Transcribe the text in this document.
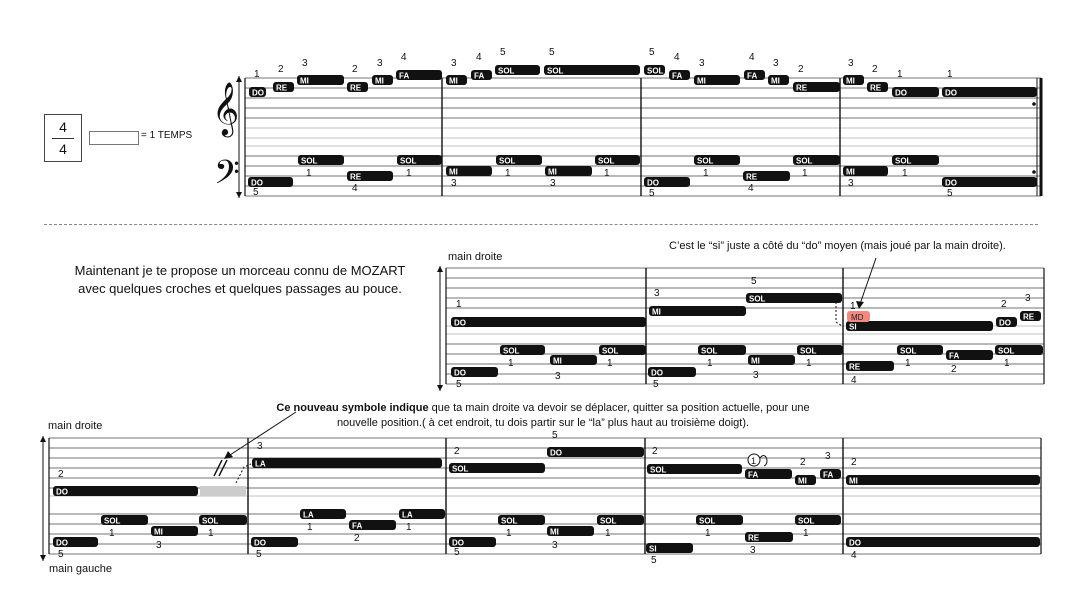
4
4
= 1 TEMPS
Maintenant je te propose un morceau connu de MOZART avec quelques croches et quelques passages au pouce.
main droite
main droite
main gauche
C’est le “si” juste a côté du “do” moyen (mais joué par la main droite).
Ce nouveau symbole indique que ta main droite va devoir se déplacer, quitter sa position actuelle, pour une nouvelle position.( à cet endroit, tu dois partir sur le “la” plus haut au troisième doigt).
𝄞
𝄢
DO
1
RE
2
MI
3
RE
2
MI
3
FA
4
MI
3
FA
4
SOL
5
SOL
5
SOL
5
FA
4
MI
3
FA
4
MI
3
RE
2
MI
3
RE
2
DO
1
DO
1
SOL	SOL	SOL	SOL	SOL	SOL	SOL
DO
5
RE
4
MI
3
MI
3	DO
5
RE
4
MI
3	DO
5
1	1	1	1	1	1	1
DO
1
MI
3	SOL
5
SI	DO
2
RE
3
SOL	SOL	SOL	SOL	SOL	SOL
MI
3
MI
3
FA
2
DO
5
DO
5
RE
4
1	1	1	1	1	1
DO
2
LA
3
SOL
2	DO
5
SOL
2
FA
MI
2
FA
3
MI
2
SOL	SOL
LA	LA
SOL	SOL	SOL	SOL
MI
3
FA
2
MI
3
RE
3
DO
5
DO
5
DO
5	SI
5
DO
4
1	1
1	1
1	1	1	1
MD
1
1
